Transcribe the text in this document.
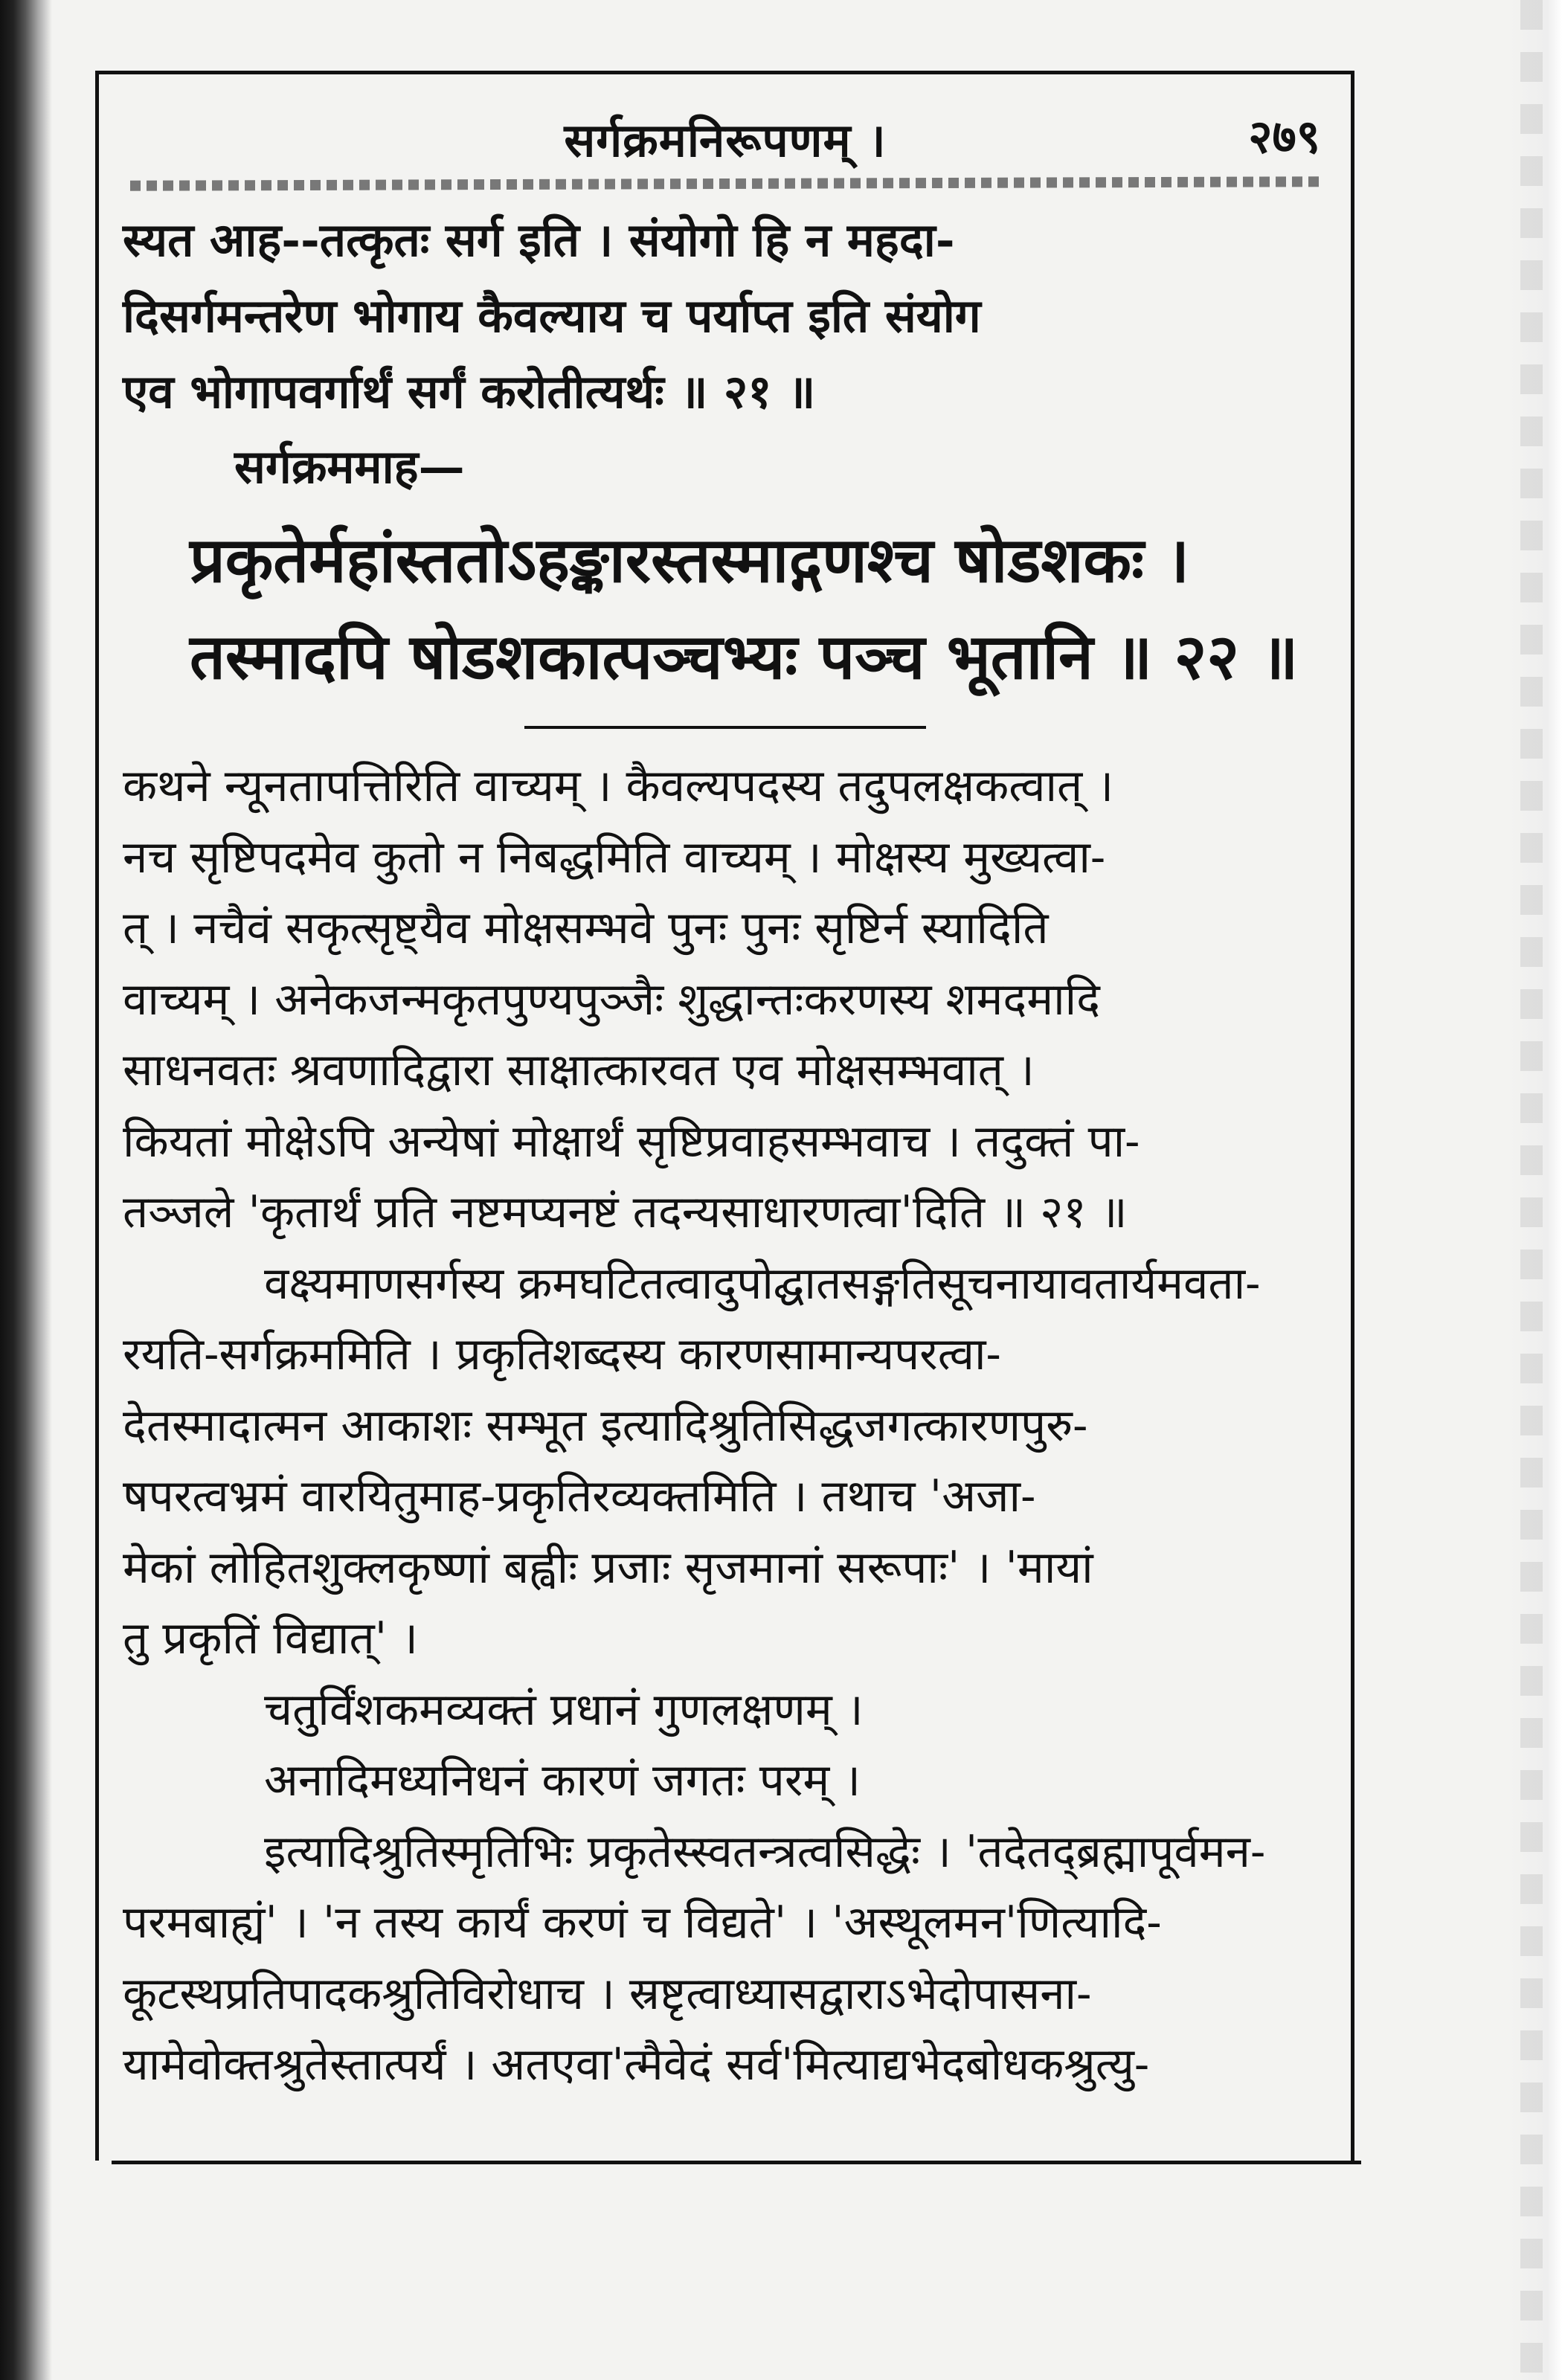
सर्गक्रमनिरूपणम् ।	२७९

स्यत आह--तत्कृतः सर्ग इति । संयोगो हि न महदा-

दिसर्गमन्तरेण भोगाय कैवल्याय च पर्याप्त इति संयोग

एव भोगापवर्गार्थं सर्गं करोतीत्यर्थः ॥ २१ ॥

सर्गक्रममाह—

प्रकृतेर्महांस्ततोऽहङ्कारस्तस्माद्गणश्च षोडशकः ।

तस्मादपि षोडशकात्पञ्चभ्यः पञ्च भूतानि ॥ २२ ॥

कथने न्यूनतापत्तिरिति वाच्यम् । कैवल्यपदस्य तदुपलक्षकत्वात् ।

नच सृष्टिपदमेव कुतो न निबद्धमिति वाच्यम् । मोक्षस्य मुख्यत्वा-

त् । नचैवं सकृत्सृष्ट्यैव मोक्षसम्भवे पुनः पुनः सृष्टिर्न स्यादिति

वाच्यम् । अनेकजन्मकृतपुण्यपुञ्जैः शुद्धान्तःकरणस्य शमदमादि

साधनवतः श्रवणादिद्वारा साक्षात्कारवत एव मोक्षसम्भवात् ।

कियतां मोक्षेऽपि अन्येषां मोक्षार्थं सृष्टिप्रवाहसम्भवाच । तदुक्तं पा-

तञ्जले 'कृतार्थं प्रति नष्टमप्यनष्टं तदन्यसाधारणत्वा'दिति ॥ २१ ॥

वक्ष्यमाणसर्गस्य क्रमघटितत्वादुपोद्घातसङ्गतिसूचनायावतार्यमवता-

रयति-सर्गक्रममिति । प्रकृतिशब्दस्य कारणसामान्यपरत्वा-

देतस्मादात्मन आकाशः सम्भूत इत्यादिश्रुतिसिद्धजगत्कारणपुरु-

षपरत्वभ्रमं वारयितुमाह-प्रकृतिरव्यक्तमिति । तथाच 'अजा-

मेकां लोहितशुक्लकृष्णां बह्वीः प्रजाः सृजमानां सरूपाः' । 'मायां

तु प्रकृतिं विद्यात्' ।

चतुर्विंशकमव्यक्तं प्रधानं गुणलक्षणम् ।

अनादिमध्यनिधनं कारणं जगतः परम् ।

इत्यादिश्रुतिस्मृतिभिः प्रकृतेस्स्वतन्त्रत्वसिद्धेः । 'तदेतद्ब्रह्मापूर्वमन-

परमबाह्यं' । 'न तस्य कार्यं करणं च विद्यते' । 'अस्थूलमन'णित्यादि-

कूटस्थप्रतिपादकश्रुतिविरोधाच । स्रष्टृत्वाध्यासद्वाराऽभेदोपासना-

यामेवोक्तश्रुतेस्तात्पर्यं । अतएवा'त्मैवेदं सर्व'मित्याद्यभेदबोधकश्रुत्यु-
